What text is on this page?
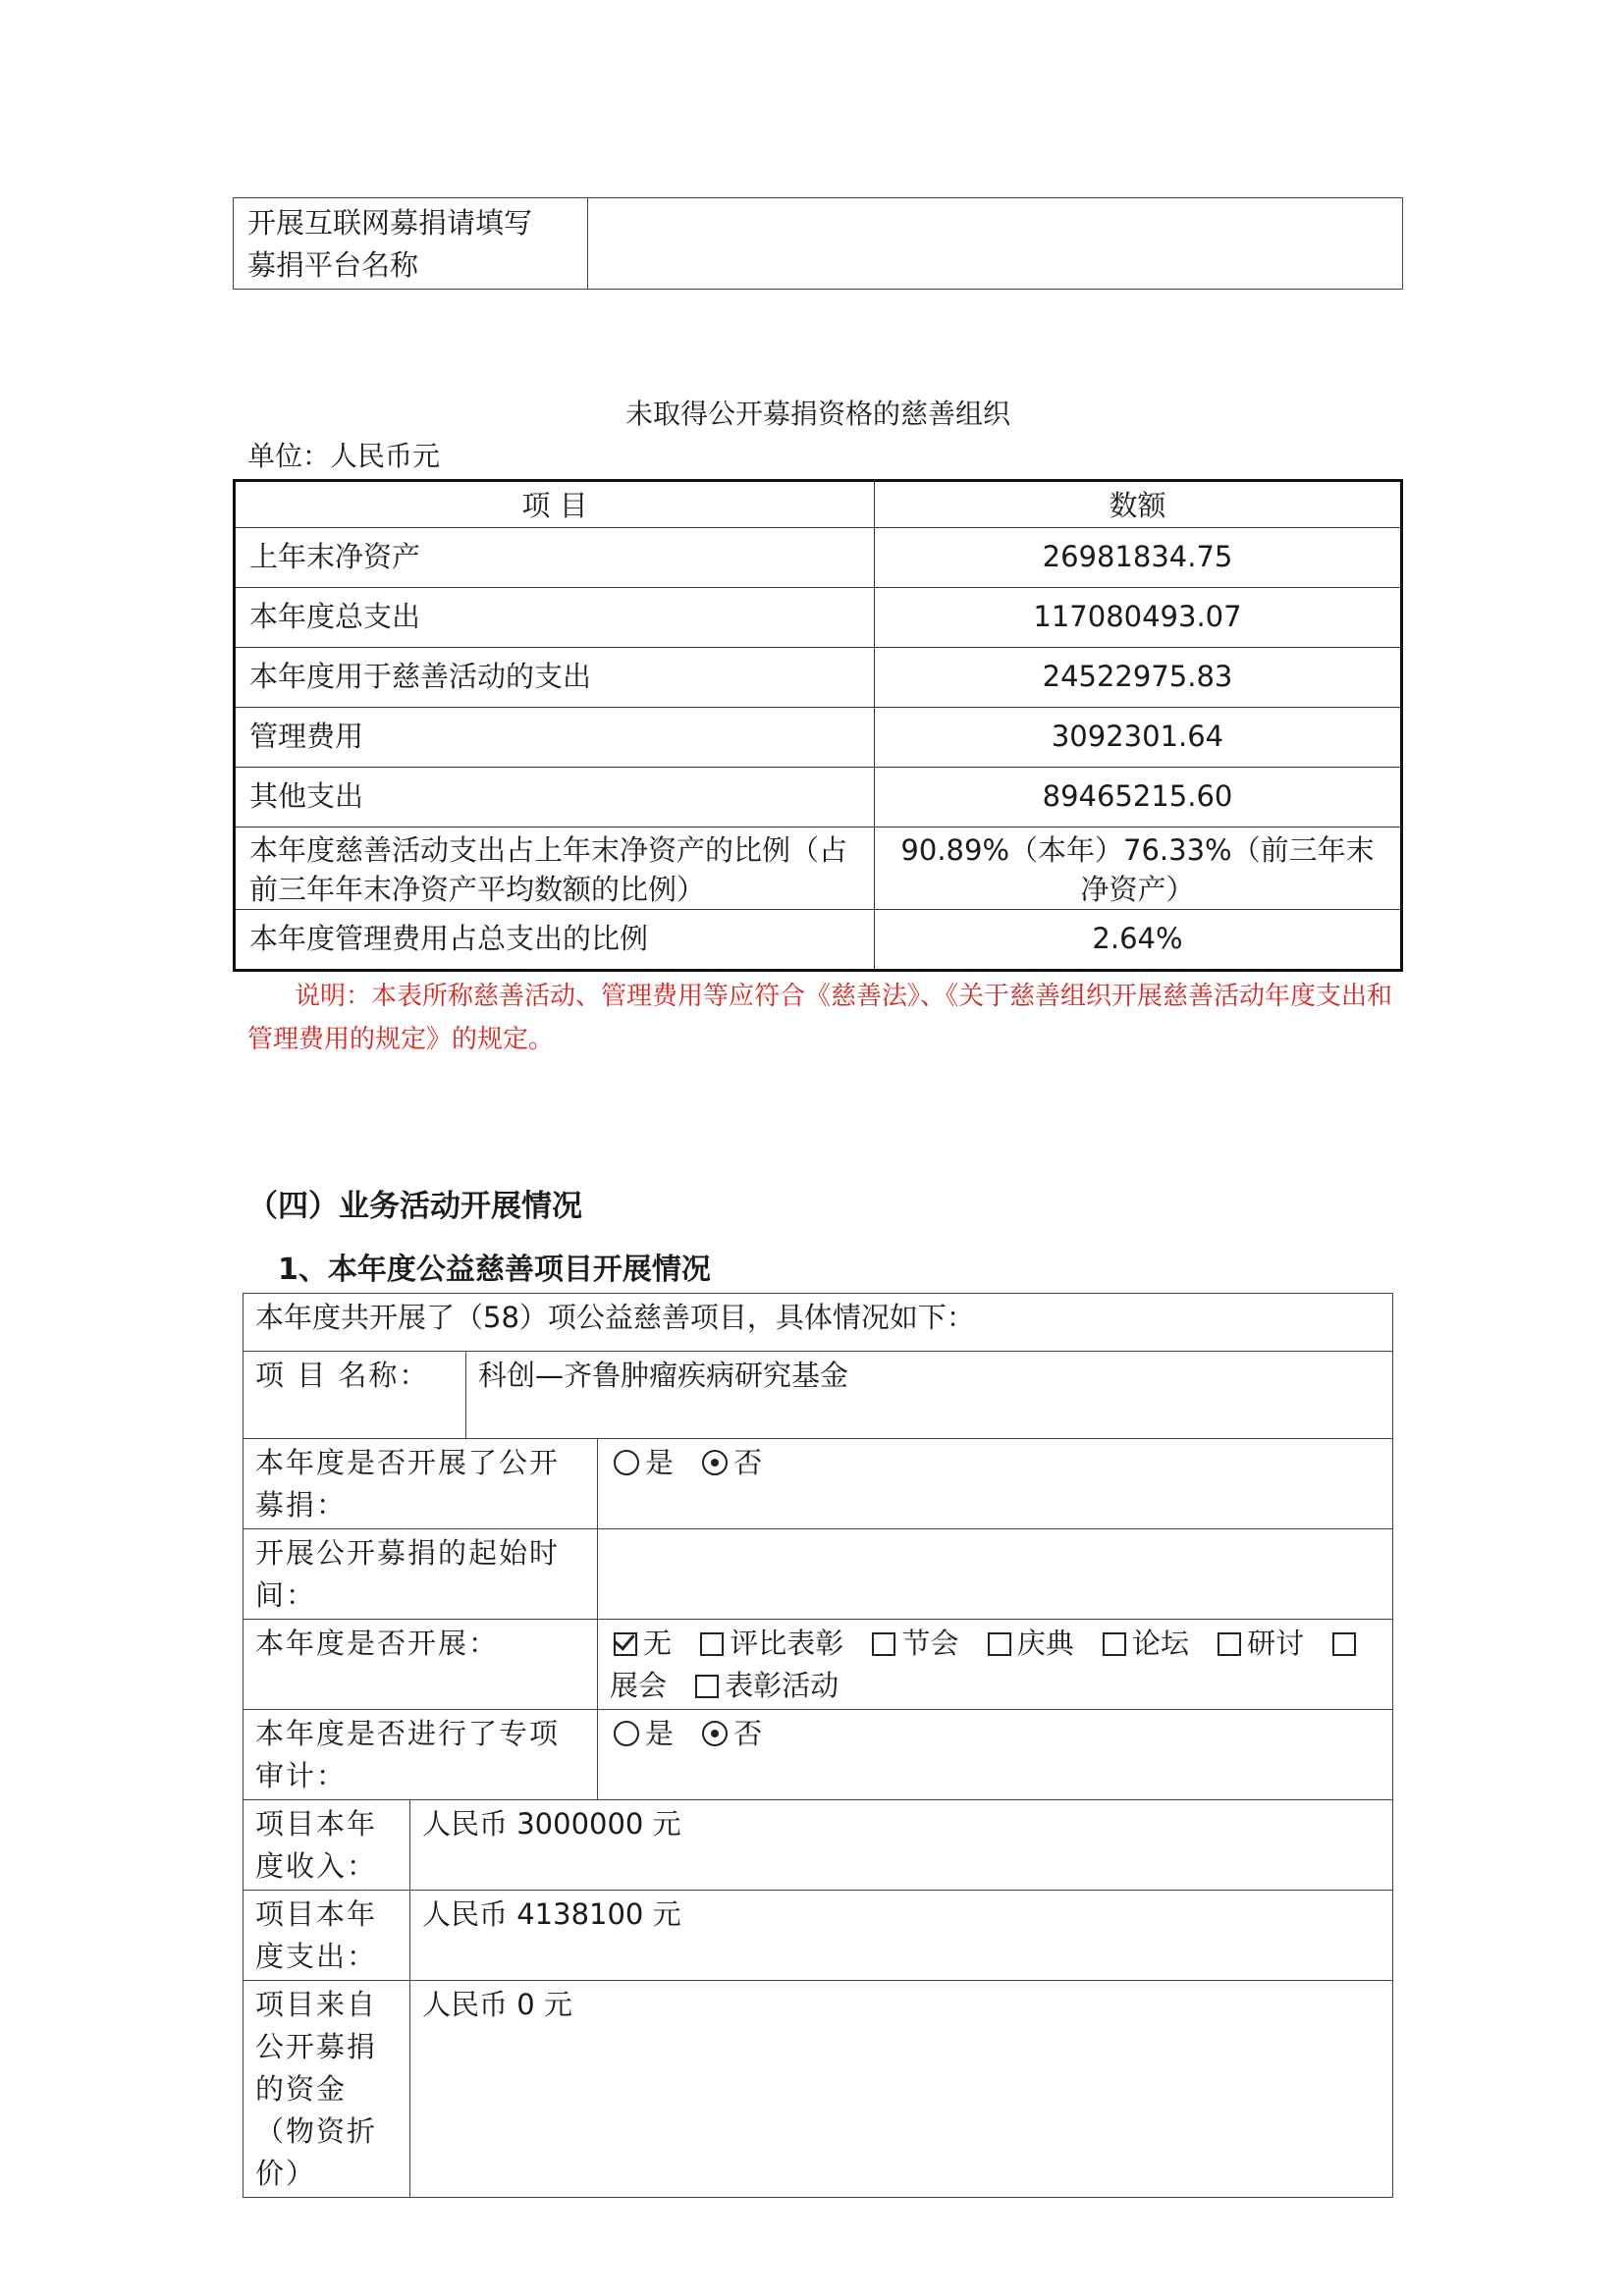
开展互联网募捐请填写
募捐平台名称

未取得公开募捐资格的慈善组织
单位：人民币元
项 目	数额
上年末净资产	26981834.75
本年度总支出	117080493.07
本年度用于慈善活动的支出	24522975.83
管理费用	3092301.64
其他支出	89465215.60
本年度慈善活动支出占上年末净资产的比例（占前三年年末净资产平均数额的比例）	90.89%（本年）76.33%（前三年末净资产）
本年度管理费用占总支出的比例	2.64%
说明：本表所称慈善活动、管理费用等应符合《慈善法》、《关于慈善组织开展慈善活动年度支出和管理费用的规定》的规定。
（四）业务活动开展情况
1、本年度公益慈善项目开展情况
本年度共开展了（58）项公益慈善项目，具体情况如下：			
项 目 名称：		科创—齐鲁肿瘤疾病研究基金	
本年度是否开展了公开募捐：			是 否
开展公开募捐的起始时间：			
本年度是否开展：			无 评比表彰 节会 庆典 论坛 研讨 展会 表彰活动
本年度是否进行了专项审计：			是 否
项目本年度收入：	人民币 3000000 元		
项目本年度支出：	人民币 4138100 元		
项目来自公开募捐的资金（物资折价）	人民币 0 元		
